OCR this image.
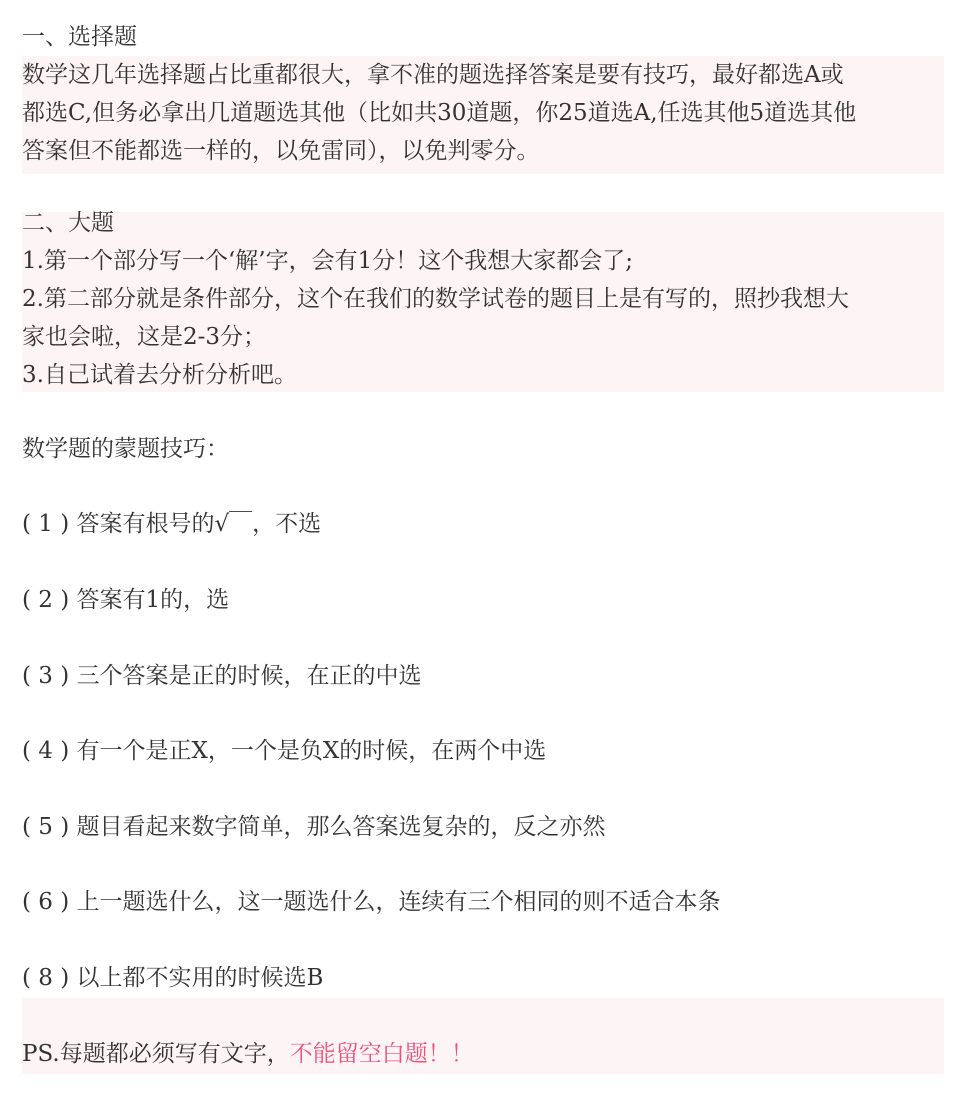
一、选择题
数学这几年选择题占比重都很大，拿不准的题选择答案是要有技巧，最好都选A或
都选C,但务必拿出几道题选其他（比如共30道题，你25道选A,任选其他5道选其他
答案但不能都选一样的，以免雷同），以免判零分。
二、大题
1.第一个部分写一个‘解’字，会有1分！这个我想大家都会了;
2.第二部分就是条件部分，这个在我们的数学试卷的题目上是有写的，照抄我想大
家也会啦，这是2-3分；
3.自己试着去分析分析吧。
数学题的蒙题技巧：
( 1 ) 答案有根号的√￣，不选
( 2 ) 答案有1的，选
( 3 ) 三个答案是正的时候，在正的中选
( 4 ) 有一个是正X，一个是负X的时候，在两个中选
( 5 ) 题目看起来数字简单，那么答案选复杂的，反之亦然
( 6 ) 上一题选什么，这一题选什么，连续有三个相同的则不适合本条
( 8 ) 以上都不实用的时候选B
PS.每题都必须写有文字，不能留空白题！！
